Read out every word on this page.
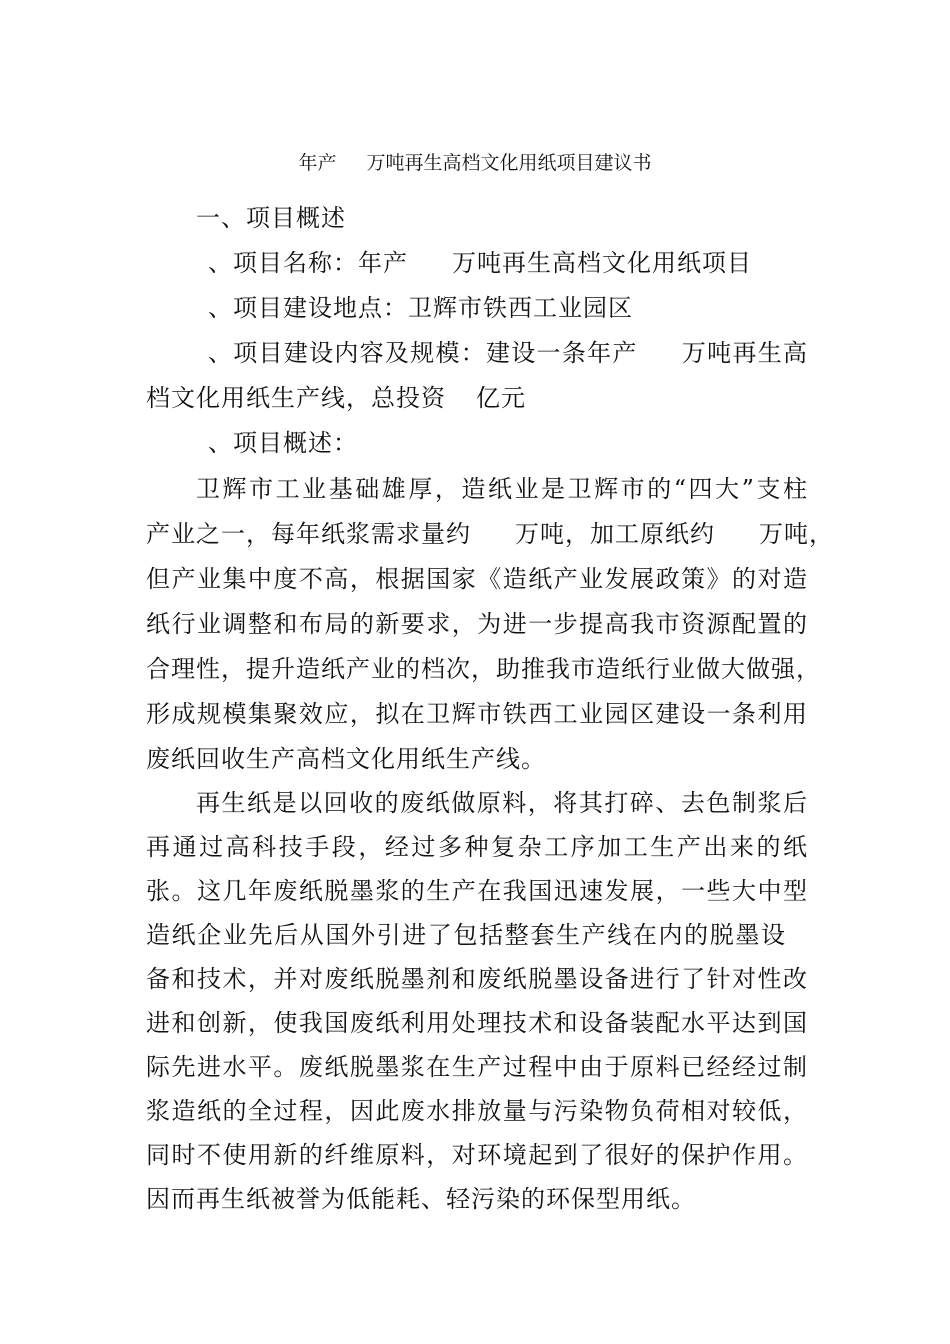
年产 万吨再生高档文化用纸项目建议书
一、项目概述
、项目名称：年产 万吨再生高档文化用纸项目
、项目建设地点：卫辉市铁西工业园区
、项目建设内容及规模：建设一条年产 万吨再生高
档文化用纸生产线，总投资 亿元
、项目概述：
卫辉市工业基础雄厚，造纸业是卫辉市的“四大”支柱
产业之一，每年纸浆需求量约 万吨，加工原纸约 万吨，
但产业集中度不高，根据国家《造纸产业发展政策》的对造
纸行业调整和布局的新要求，为进一步提高我市资源配置的
合理性，提升造纸产业的档次，助推我市造纸行业做大做强，
形成规模集聚效应，拟在卫辉市铁西工业园区建设一条利用
废纸回收生产高档文化用纸生产线。
再生纸是以回收的废纸做原料，将其打碎、去色制浆后
再通过高科技手段，经过多种复杂工序加工生产出来的纸
张。这几年废纸脱墨浆的生产在我国迅速发展，一些大中型
造纸企业先后从国外引进了包括整套生产线在内的脱墨设
备和技术，并对废纸脱墨剂和废纸脱墨设备进行了针对性改
进和创新，使我国废纸利用处理技术和设备装配水平达到国
际先进水平。废纸脱墨浆在生产过程中由于原料已经经过制
浆造纸的全过程，因此废水排放量与污染物负荷相对较低，
同时不使用新的纤维原料，对环境起到了很好的保护作用。
因而再生纸被誉为低能耗、轻污染的环保型用纸。
